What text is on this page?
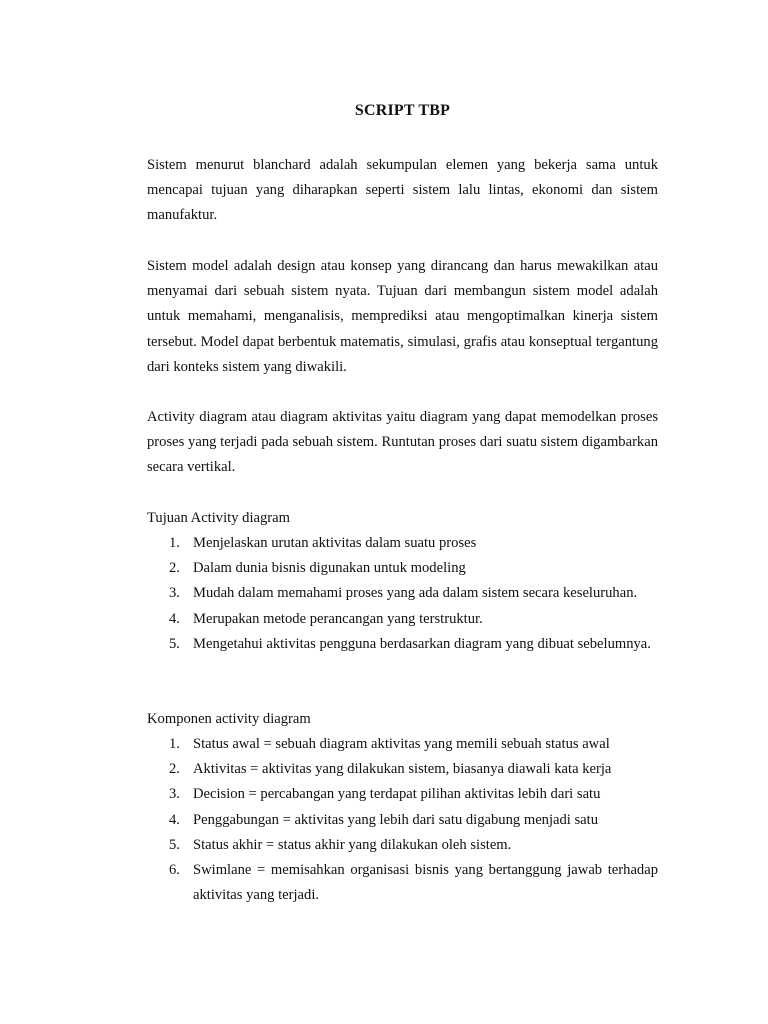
SCRIPT TBP

Sistem menurut blanchard adalah sekumpulan elemen yang bekerja sama untuk mencapai tujuan yang diharapkan seperti sistem lalu lintas, ekonomi dan sistem manufaktur.

Sistem model adalah design atau konsep yang dirancang dan harus mewakilkan atau menyamai dari sebuah sistem nyata. Tujuan dari membangun sistem model adalah untuk memahami, menganalisis, memprediksi atau mengoptimalkan kinerja sistem tersebut. Model dapat berbentuk matematis, simulasi, grafis atau konseptual tergantung dari konteks sistem yang diwakili.

Activity diagram atau diagram aktivitas yaitu diagram yang dapat memodelkan proses proses yang terjadi pada sebuah sistem. Runtutan proses dari suatu sistem digambarkan secara vertikal.

Tujuan Activity diagram

1. Menjelaskan urutan aktivitas dalam suatu proses
2. Dalam dunia bisnis digunakan untuk modeling
3. Mudah dalam memahami proses yang ada dalam sistem secara keseluruhan.
4. Merupakan metode perancangan yang terstruktur.
5. Mengetahui aktivitas pengguna berdasarkan diagram yang dibuat sebelumnya.

Komponen activity diagram

1. Status awal = sebuah diagram aktivitas yang memili sebuah status awal
2. Aktivitas = aktivitas yang dilakukan sistem, biasanya diawali kata kerja
3. Decision = percabangan yang terdapat pilihan aktivitas lebih dari satu
4. Penggabungan = aktivitas yang lebih dari satu digabung menjadi satu
5. Status akhir = status akhir yang dilakukan oleh sistem.
6. Swimlane = memisahkan organisasi bisnis yang bertanggung jawab terhadap aktivitas yang terjadi.
